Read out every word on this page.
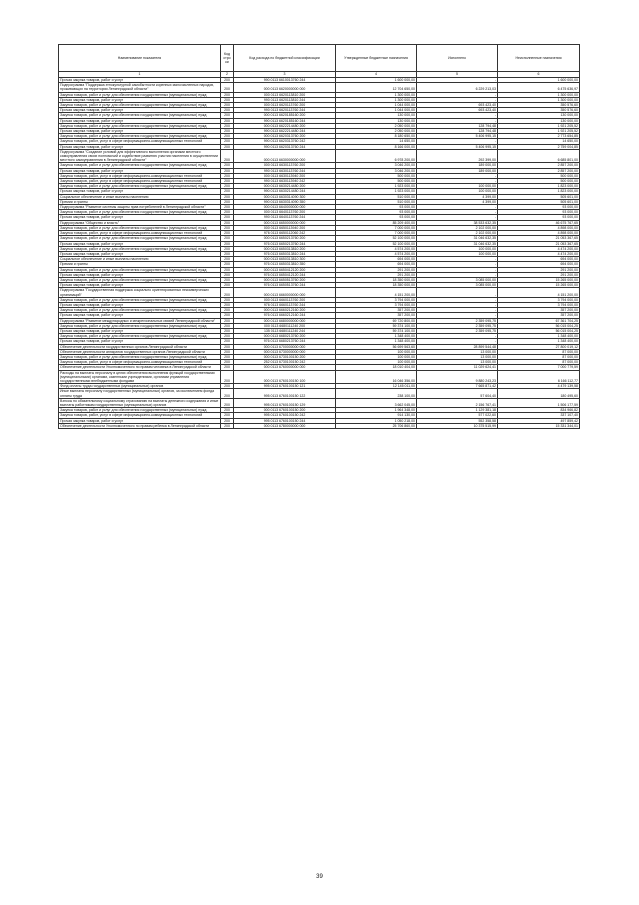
Наименование показателя	Код стро ки	Код расхода по бюджетной классификации	Утвержденные бюджетные назначения	Исполнено	Неисполненные назначения
1	2	3	4	5	6
Прочая закупка товаров, работ и услуг	200	990 0113 6610013760 244	1 600 000,00	-	1 600 000,00
Подпрограмма "Поддержка этнокультурной самобытности коренных малочисленных народов, проживающих на территории Ленинградской области"	200	000 0113 6620000000 000	12 704 650,00	6 229 213,03	6 475 636,97
Закупка товаров, работ и услуг для обеспечения государственных (муниципальных) нужд	200	000 0113 6620113810 200	1 300 000,00	-	1 300 000,00
Прочая закупка товаров, работ и услуг	200	990 0113 6620113810 244	1 300 000,00	-	1 300 000,00
Закупка товаров, работ и услуг для обеспечения государственных (муниципальных) нужд	200	000 0113 6620113760 200	1 044 000,00	693 423,40	350 576,60
Прочая закупка товаров, работ и услуг	200	990 0113 6620113760 244	1 044 000,00	693 423,40	350 576,60
Закупка товаров, работ и услуг для обеспечения государственных (муниципальных) нужд	200	000 0113 6620185160 200	130 000,00	-	130 000,00
Прочая закупка товаров, работ и услуг	200	990 0113 6620185160 244	130 000,00	-	130 000,00
Закупка товаров, работ и услуг для обеспечения государственных (муниципальных) нужд	200	000 0113 6622214480 200	2 050 000,00	128 794,48	1 921 205,52
Прочая закупка товаров, работ и услуг	200	990 0113 6622214480 244	2 050 000,00	128 794,48	1 921 205,52
Закупка товаров, работ и услуг для обеспечения государственных (муниципальных) нужд	200	000 0113 6620313760 200	8 180 650,00	5 406 995,15	2 773 654,85
Закупка товаров, работ, услуг в сфере информационно-коммуникационных технологий	200	990 0113 6620313760 242	14 650,00	-	14 650,00
Прочая закупка товаров, работ и услуг	200	990 0113 6620313760 244	8 166 000,00	5 406 995,15	2 759 004,85
Подпрограмма "Создание условий для эффективного выполнения органами местного самоуправления своих полномочий и содействие развитию участия населения в осуществлении местного самоуправления в Ленинградской области"	200	000 0113 6630000000 000	6 978 200,00	292 399,00	6 685 801,00
Закупка товаров, работ и услуг для обеспечения государственных (муниципальных) нужд	200	000 0113 6630113760 200	3 046 200,00	189 000,00	2 857 200,00
Прочая закупка товаров, работ и услуг	200	990 0113 6630113760 244	3 046 200,00	189 000,00	2 857 200,00
Закупка товаров, работ, услуг в сфере информационно-коммуникационных технологий	200	000 0113 6630113940 200	500 000,00	-	500 000,00
Закупка товаров, работ, услуг в сфере информационно-коммуникационных технологий	200	990 0113 6630113940 242	500 000,00	-	500 000,00
Закупка товаров, работ и услуг для обеспечения государственных (муниципальных) нужд	200	000 0113 6630214480 200	1 923 000,00	100 000,00	1 823 000,00
Прочая закупка товаров, работ и услуг	200	990 0113 6630214480 244	1 923 000,00	100 000,00	1 823 000,00
Социальное обеспечение и иные выплаты населению	200	000 0113 6630314090 300	510 000,00	4 399,00	505 601,00
Премии и гранты	200	990 0113 6630314090 350	510 000,00	4 399,00	505 601,00
Подпрограмма "Развитие системы защиты прав потребителей в Ленинградской области"	200	000 0113 6640000000 000	93 000,00	-	93 000,00
Закупка товаров, работ и услуг для обеспечения государственных (муниципальных) нужд	200	000 0113 6640113760 200	93 000,00	-	93 000,00
Прочая закупка товаров, работ и услуг	200	990 0113 6640113760 244	93 000,00	-	93 000,00
Подпрограмма "Общество и власть"	200	000 0113 6650000000 000	85 209 400,00	38 533 632,35	46 675 767,65
Закупка товаров, работ и услуг для обеспечения государственных (муниципальных) нужд	200	000 0113 6650113940 200	7 000 000,00	2 102 000,00	4 898 000,00
Закупка товаров, работ, услуг в сфере информационно-коммуникационных технологий	200	976 0113 6650112060 242	7 000 000,00	2 102 000,00	4 898 000,00
Закупка товаров, работ и услуг для обеспечения государственных (муниципальных) нужд	200	000 0113 6650213760 200	52 100 000,00	31 046 632,35	21 053 367,65
Прочая закупка товаров, работ и услуг	200	976 0113 6650213760 244	52 100 000,00	31 046 632,35	21 053 367,65
Закупка товаров, работ и услуг для обеспечения государственных (муниципальных) нужд	200	000 0113 6650313810 200	4 574 200,00	100 000,00	4 474 200,00
Прочая закупка товаров, работ и услуг	200	976 0113 6650313810 244	4 574 200,00	100 000,00	4 474 200,00
Социальное обеспечение и иные выплаты населению	200	000 0113 6650313810 300	694 000,00	-	694 000,00
Премии и гранты	200	976 0113 6650313810 350	694 000,00	-	694 000,00
Закупка товаров, работ и услуг для обеспечения государственных (муниципальных) нужд	200	000 0113 6650412120 200	291 200,00	-	291 200,00
Прочая закупка товаров, работ и услуг	200	976 0113 6650412120 244	291 200,00	-	291 200,00
Закупка товаров, работ и услуг для обеспечения государственных (муниципальных) нужд	200	000 0113 6650513760 200	18 350 000,00	3 085 000,00	15 265 000,00
Прочая закупка товаров, работ и услуг	200	976 0113 6650513760 244	18 350 000,00	3 085 000,00	15 265 000,00
Подпрограмма "Государственная поддержка социально ориентированных некоммерческих организаций"	200	000 0113 6660000000 000	4 151 200,00	-	4 151 200,00
Закупка товаров, работ и услуг для обеспечения государственных (муниципальных) нужд	200	000 0113 6660113760 200	3 794 000,00	-	3 794 000,00
Прочая закупка товаров, работ и услуг	200	976 0113 6660113760 244	3 794 000,00	-	3 794 000,00
Закупка товаров, работ и услуг для обеспечения государственных (муниципальных) нужд	200	000 0113 6660212160 200	357 200,00	-	357 200,00
Прочая закупка товаров, работ и услуг	200	976 0113 6660212160 244	357 200,00	-	357 200,00
Подпрограмма "Развитие международных и межрегиональных связей Ленинградской области"	200	000 0113 6680000000 000	69 720 800,00	2 359 095,75	67 361 704,25
Закупка товаров, работ и услуг для обеспечения государственных (муниципальных) нужд	200	000 0113 6680111240 200	59 374 100,00	2 359 095,75	56 015 004,25
Прочая закупка товаров, работ и услуг	200	135 0113 6680111240 244	59 374 100,00	2 359 095,75	56 015 004,25
Закупка товаров, работ и услуг для обеспечения государственных (муниципальных) нужд	200	000 0113 6680213760 200	1 348 400,00	-	1 348 400,00
Прочая закупка товаров, работ и услуг	200	976 0113 6680213760 244	1 348 400,00	-	1 348 400,00
Обеспечение деятельности государственных органов Ленинградской области	200	000 0113 6700000000 000	56 699 563,60	28 899 544,48	27 800 019,12
Обеспечение деятельности аппаратов государственных органов Ленинградской области	200	000 0113 6730000000 000	100 000,00	13 000,00	87 000,00
Закупка товаров, работ и услуг для обеспечения государственных (муниципальных) нужд	200	000 0113 6730100150 200	100 000,00	13 000,00	87 000,00
Закупка товаров, работ, услуг в сфере информационно-коммуникационных технологий	200	252 0113 6730100150 242	100 000,00	13 000,00	87 000,00
Обеспечение деятельности Уполномоченного по правам человека в Ленинградской области	200	000 0113 6760000000 000	18 010 404,00	11 029 624,41	7 000 779,59
Расходы на выплаты персоналу в целях обеспечения выполнения функций государственными (муниципальными) органами, казенными учреждениями, органами управления государственными внебюджетными фондами	200	000 0113 6760100150 100	16 046 356,00	9 880 243,23	6 166 112,77
Фонд оплаты труда государственных (муниципальных) органов	200	995 0113 6760100150 121	12 145 011,00	7 665 871,42	4 479 139,58
Иные выплаты персоналу государственных (муниципальных) органов, за исключением фонда оплаты труда	200	995 0113 6760100150 122	238 100,00	57 604,40	180 495,60
Взносы по обязательному социальному страхованию на выплаты денежного содержания и иные выплаты работникам государственных (муниципальных) органов	200	995 0113 6760100150 129	3 662 045,00	2 156 767,41	1 506 177,59
Закупка товаров, работ и услуг для обеспечения государственных (муниципальных) нужд	200	000 0113 6760100150 200	1 964 348,00	1 129 381,18	834 966,82
Закупка товаров, работ, услуг в сфере информационно-коммуникационных технологий	200	995 0113 6760100150 242	914 130,00	577 022,60	337 107,40
Прочая закупка товаров, работ и услуг	200	995 0113 6760100150 244	1 050 218,00	552 358,58	497 859,42
Обеспечение деятельности Уполномоченного по правам ребенка в Ленинградской области	200	000 0113 6780000000 000	25 706 860,00	10 375 515,99	15 331 344,01
39
